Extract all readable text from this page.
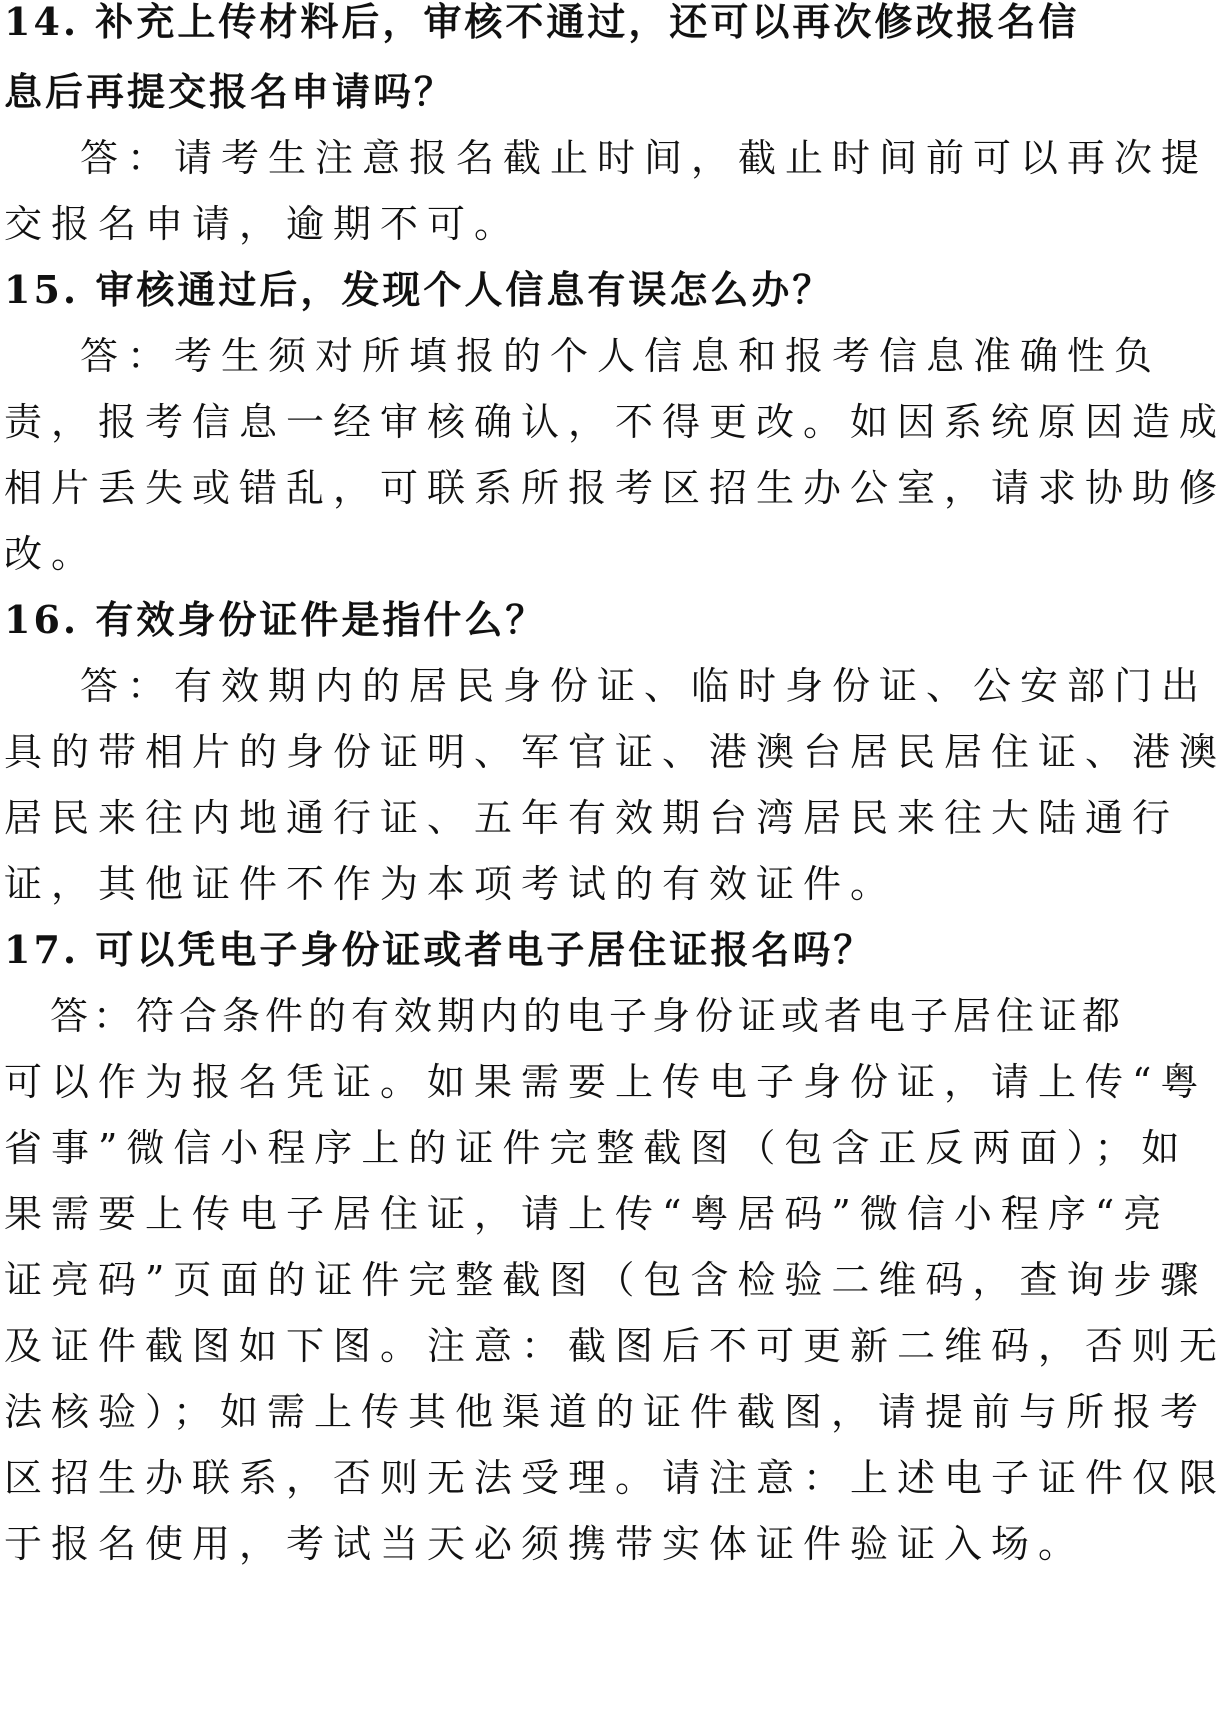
14. 补充上传材料后，审核不通过，还可以再次修改报名信
息后再提交报名申请吗？
答：请考生注意报名截止时间，截止时间前可以再次提
交报名申请，逾期不可。
15. 审核通过后，发现个人信息有误怎么办？
答：考生须对所填报的个人信息和报考信息准确性负
责，报考信息一经审核确认，不得更改。如因系统原因造成
相片丢失或错乱，可联系所报考区招生办公室，请求协助修
改。
16. 有效身份证件是指什么？
答：有效期内的居民身份证、临时身份证、公安部门出
具的带相片的身份证明、军官证、港澳台居民居住证、港澳
居民来往内地通行证、五年有效期台湾居民来往大陆通行
证，其他证件不作为本项考试的有效证件。
17. 可以凭电子身份证或者电子居住证报名吗？
答：符合条件的有效期内的电子身份证或者电子居住证都
可以作为报名凭证。如果需要上传电子身份证，请上传“粤
省事”微信小程序上的证件完整截图（包含正反两面）；如
果需要上传电子居住证，请上传“粤居码”微信小程序“亮
证亮码”页面的证件完整截图（包含检验二维码，查询步骤
及证件截图如下图。注意：截图后不可更新二维码，否则无
法核验）；如需上传其他渠道的证件截图，请提前与所报考
区招生办联系，否则无法受理。请注意：上述电子证件仅限
于报名使用，考试当天必须携带实体证件验证入场。
